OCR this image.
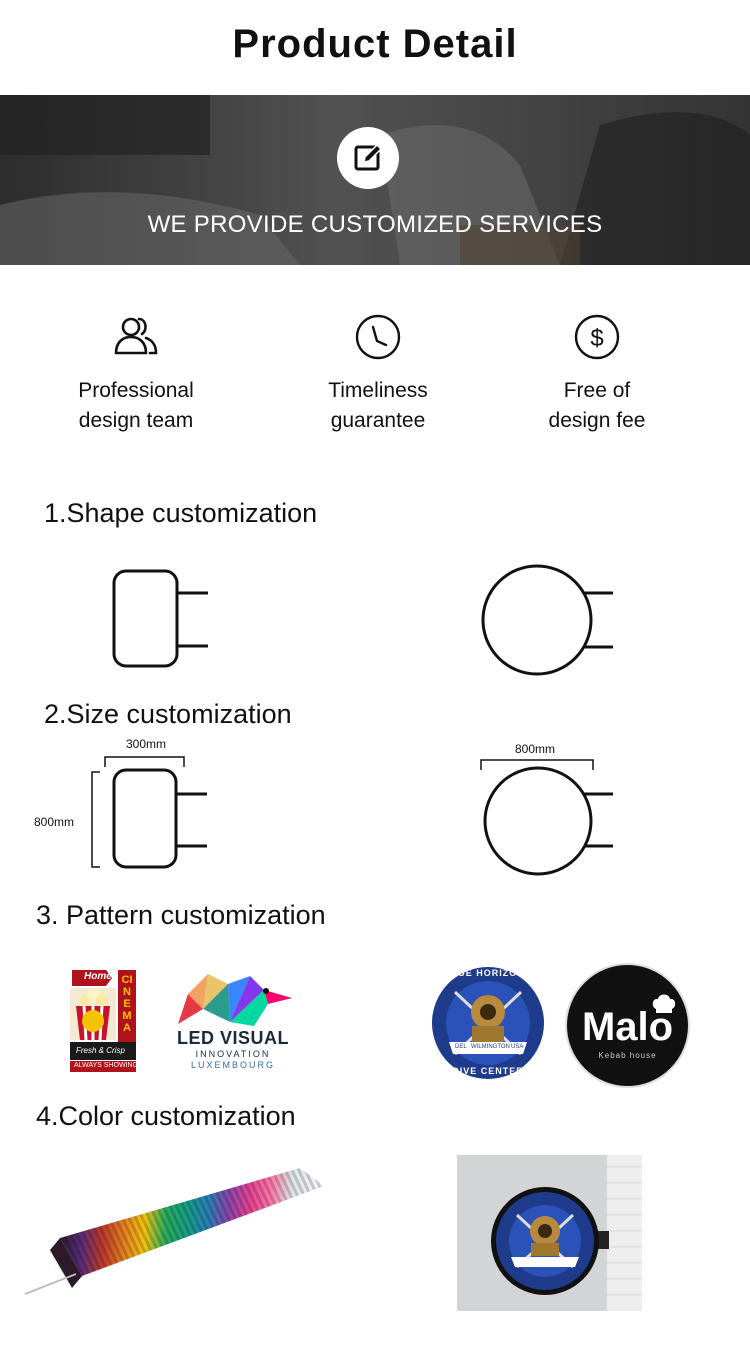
Product Detail
WE PROVIDE CUSTOMIZED SERVICES
Professional
design team
Timeliness
guarantee
$
Free of
design fee
1.Shape customization
2.Size customization
300mm
800mm
800mm
3. Pattern customization
Home CINEMA
Fresh & Crisp
ALWAYS SHOWING
LED VISUAL
INNOVATION
LUXEMBOURG
BLUE HORIZONS
DIVE CENTER
DEL WILMINGTON USA	Malo
Kebab house
4.Color customization
